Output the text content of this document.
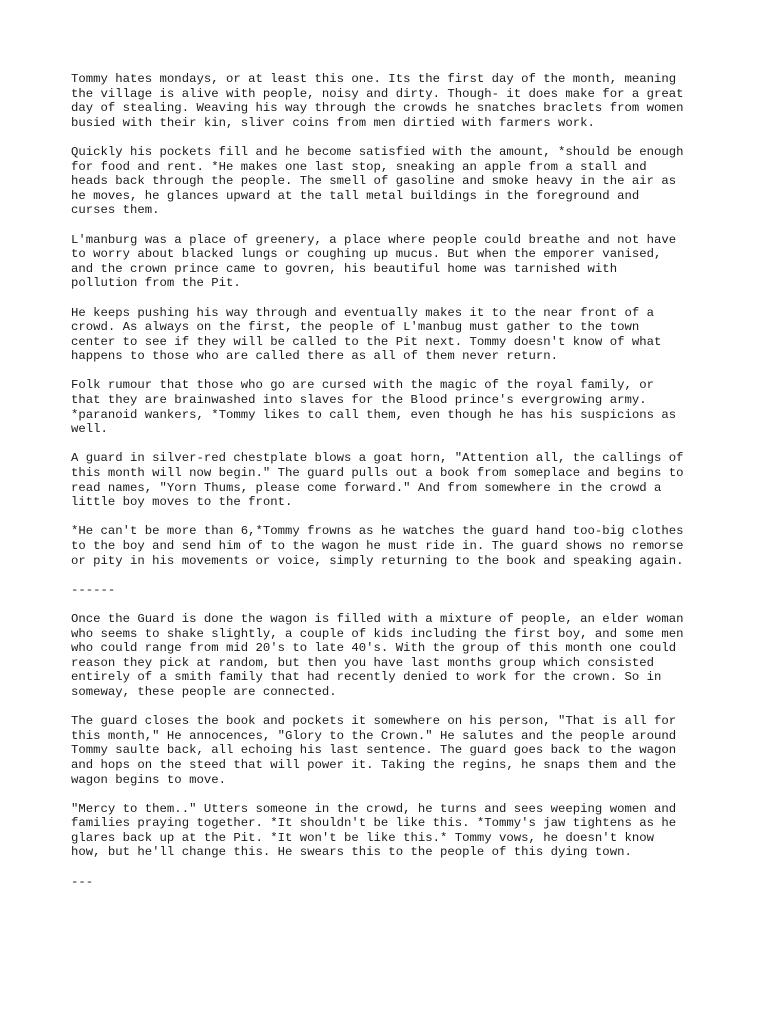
Tommy hates mondays, or at least this one. Its the first day of the month, meaning
the village is alive with people, noisy and dirty. Though- it does make for a great
day of stealing. Weaving his way through the crowds he snatches braclets from women
busied with their kin, sliver coins from men dirtied with farmers work.

Quickly his pockets fill and he become satisfied with the amount, *should be enough
for food and rent. *He makes one last stop, sneaking an apple from a stall and
heads back through the people. The smell of gasoline and smoke heavy in the air as
he moves, he glances upward at the tall metal buildings in the foreground and
curses them.

L'manburg was a place of greenery, a place where people could breathe and not have
to worry about blacked lungs or coughing up mucus. But when the emporer vanised,
and the crown prince came to govren, his beautiful home was tarnished with
pollution from the Pit.

He keeps pushing his way through and eventually makes it to the near front of a
crowd. As always on the first, the people of L'manbug must gather to the town
center to see if they will be called to the Pit next. Tommy doesn't know of what
happens to those who are called there as all of them never return.

Folk rumour that those who go are cursed with the magic of the royal family, or
that they are brainwashed into slaves for the Blood prince's evergrowing army.
*paranoid wankers, *Tommy likes to call them, even though he has his suspicions as
well.

A guard in silver-red chestplate blows a goat horn, "Attention all, the callings of
this month will now begin." The guard pulls out a book from someplace and begins to
read names, "Yorn Thums, please come forward." And from somewhere in the crowd a
little boy moves to the front.

*He can't be more than 6,*Tommy frowns as he watches the guard hand too-big clothes
to the boy and send him of to the wagon he must ride in. The guard shows no remorse
or pity in his movements or voice, simply returning to the book and speaking again.

------

Once the Guard is done the wagon is filled with a mixture of people, an elder woman
who seems to shake slightly, a couple of kids including the first boy, and some men
who could range from mid 20's to late 40's. With the group of this month one could
reason they pick at random, but then you have last months group which consisted
entirely of a smith family that had recently denied to work for the crown. So in
someway, these people are connected.

The guard closes the book and pockets it somewhere on his person, "That is all for
this month," He annocences, "Glory to the Crown." He salutes and the people around
Tommy saulte back, all echoing his last sentence. The guard goes back to the wagon
and hops on the steed that will power it. Taking the regins, he snaps them and the
wagon begins to move.

"Mercy to them.." Utters someone in the crowd, he turns and sees weeping women and
families praying together. *It shouldn't be like this. *Tommy's jaw tightens as he
glares back up at the Pit. *It won't be like this.* Tommy vows, he doesn't know
how, but he'll change this. He swears this to the people of this dying town.

---
